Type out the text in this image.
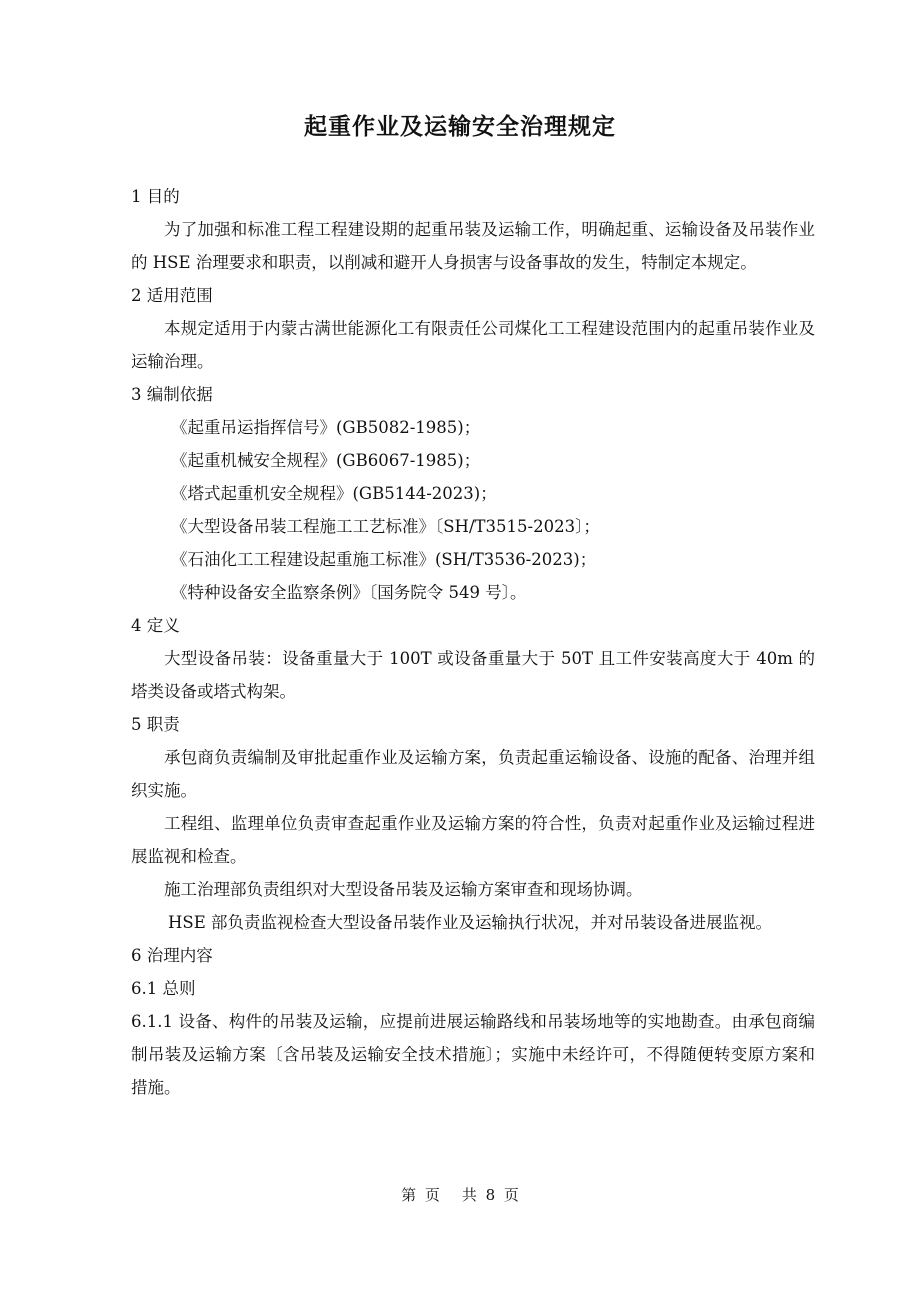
起重作业及运输安全治理规定

1 目的

为了加强和标准工程工程建设期的起重吊装及运输工作，明确起重、运输设备及吊装作业的 HSE 治理要求和职责，以削减和避开人身损害与设备事故的发生，特制定本规定。

2 适用范围

本规定适用于内蒙古满世能源化工有限责任公司煤化工工程建设范围内的起重吊装作业及运输治理。

3 编制依据

《起重吊运指挥信号》(GB5082-1985)；

《起重机械安全规程》(GB6067-1985)；

《塔式起重机安全规程》(GB5144-2023)；

《大型设备吊装工程施工工艺标准》〔SH/T3515-2023〕；

《石油化工工程建设起重施工标准》(SH/T3536-2023)；

《特种设备安全监察条例》〔国务院令 549 号〕。

4 定义

大型设备吊装：设备重量大于 100T 或设备重量大于 50T 且工件安装高度大于 40m 的塔类设备或塔式构架。

5 职责

承包商负责编制及审批起重作业及运输方案，负责起重运输设备、设施的配备、治理并组织实施。

工程组、监理单位负责审查起重作业及运输方案的符合性，负责对起重作业及运输过程进展监视和检查。

施工治理部负责组织对大型设备吊装及运输方案审查和现场协调。

HSE 部负责监视检查大型设备吊装作业及运输执行状况，并对吊装设备进展监视。

6 治理内容

6.1 总则

6.1.1 设备、构件的吊装及运输，应提前进展运输路线和吊装场地等的实地勘查。由承包商编制吊装及运输方案〔含吊装及运输安全技术措施〕；实施中未经许可，不得随便转变原方案和措施。

第 页 共 8 页
